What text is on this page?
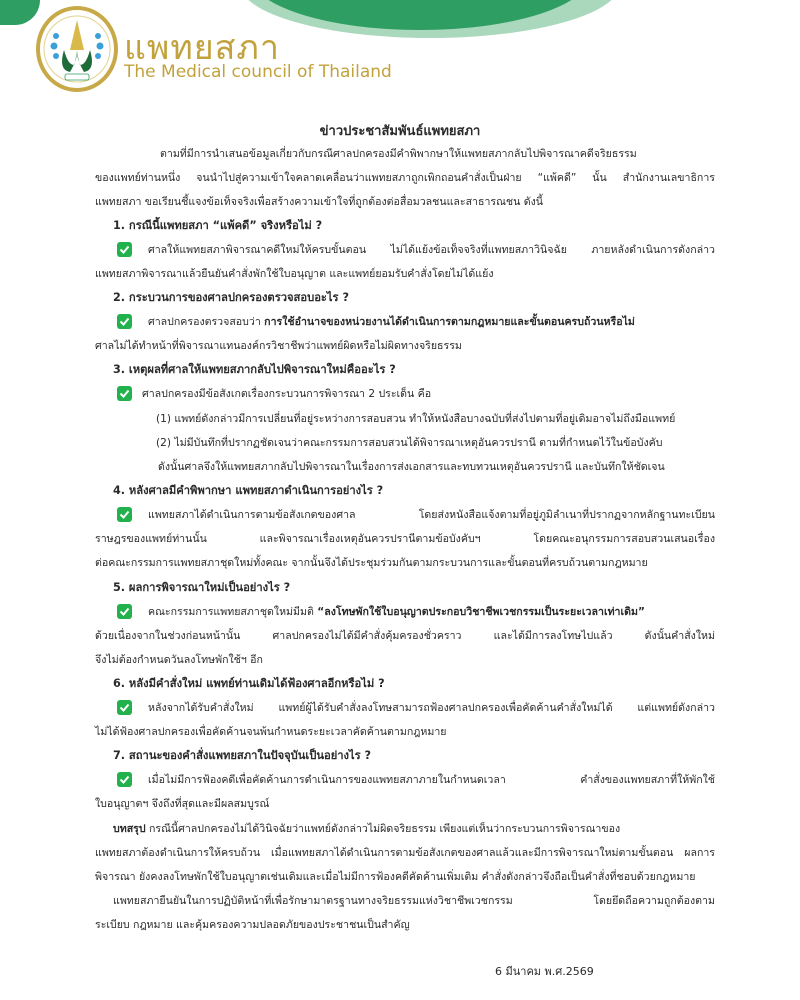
แพทยสภา
The Medical council of Thailand
ข่าวประชาสัมพันธ์แพทยสภา
ตามที่มีการนำเสนอข้อมูลเกี่ยวกับกรณีศาลปกครองมีคำพิพากษาให้แพทยสภากลับไปพิจารณาคดีจริยธรรม
ของแพทย์ท่านหนึ่ง จนนำไปสู่ความเข้าใจคลาดเคลื่อนว่าแพทยสภาถูกเพิกถอนคำสั่งเป็นฝ่าย “แพ้คดี” นั้น สำนักงานเลขาธิการ
แพทยสภา ขอเรียนชี้แจงข้อเท็จจริงเพื่อสร้างความเข้าใจที่ถูกต้องต่อสื่อมวลชนและสาธารณชน ดังนี้
1. กรณีนี้แพทยสภา “แพ้คดี” จริงหรือไม่ ?
ศาลให้แพทยสภาพิจารณาคดีใหม่ให้ครบขั้นตอน ไม่ได้แย้งข้อเท็จจริงที่แพทยสภาวินิจฉัย ภายหลังดำเนินการดังกล่าว
แพทยสภาพิจารณาแล้วยืนยันคำสั่งพักใช้ใบอนุญาต และแพทย์ยอมรับคำสั่งโดยไม่ได้แย้ง
2. กระบวนการของศาลปกครองตรวจสอบอะไร ?
ศาลปกครองตรวจสอบว่า การใช้อำนาจของหน่วยงานได้ดำเนินการตามกฎหมายและขั้นตอนครบถ้วนหรือไม่
ศาลไม่ได้ทำหน้าที่พิจารณาแทนองค์กรวิชาชีพว่าแพทย์ผิดหรือไม่ผิดทางจริยธรรม
3. เหตุผลที่ศาลให้แพทยสภากลับไปพิจารณาใหม่คืออะไร ?
ศาลปกครองมีข้อสังเกตเรื่องกระบวนการพิจารณา 2 ประเด็น คือ
(1) แพทย์ดังกล่าวมีการเปลี่ยนที่อยู่ระหว่างการสอบสวน ทำให้หนังสือบางฉบับที่ส่งไปตามที่อยู่เดิมอาจไม่ถึงมือแพทย์
(2) ไม่มีบันทึกที่ปรากฏชัดเจนว่าคณะกรรมการสอบสวนได้พิจารณาเหตุอันควรปรานี ตามที่กำหนดไว้ในข้อบังคับ
ดังนั้นศาลจึงให้แพทยสภากลับไปพิจารณาในเรื่องการส่งเอกสารและทบทวนเหตุอันควรปรานี และบันทึกให้ชัดเจน
4. หลังศาลมีคำพิพากษา แพทยสภาดำเนินการอย่างไร ?
แพทยสภาได้ดำเนินการตามข้อสังเกตของศาล โดยส่งหนังสือแจ้งตามที่อยู่ภูมิลำเนาที่ปรากฏจากหลักฐานทะเบียน
ราษฎรของแพทย์ท่านนั้น และพิจารณาเรื่องเหตุอันควรปรานีตามข้อบังคับฯ โดยคณะอนุกรรมการสอบสวนเสนอเรื่อง
ต่อคณะกรรมการแพทยสภาชุดใหม่ทั้งคณะ จากนั้นจึงได้ประชุมร่วมกันตามกระบวนการและขั้นตอนที่ครบถ้วนตามกฎหมาย
5. ผลการพิจารณาใหม่เป็นอย่างไร ?
คณะกรรมการแพทยสภาชุดใหม่มีมติ “ลงโทษพักใช้ใบอนุญาตประกอบวิชาชีพเวชกรรมเป็นระยะเวลาเท่าเดิม”
ด้วยเนื่องจากในช่วงก่อนหน้านั้น ศาลปกครองไม่ได้มีคำสั่งคุ้มครองชั่วคราว และได้มีการลงโทษไปแล้ว ดังนั้นคำสั่งใหม่
จึงไม่ต้องกำหนดวันลงโทษพักใช้ฯ อีก
6. หลังมีคำสั่งใหม่ แพทย์ท่านเดิมได้ฟ้องศาลอีกหรือไม่ ?
หลังจากได้รับคำสั่งใหม่ แพทย์ผู้ได้รับคำสั่งลงโทษสามารถฟ้องศาลปกครองเพื่อคัดค้านคำสั่งใหม่ได้ แต่แพทย์ดังกล่าว
ไม่ได้ฟ้องศาลปกครองเพื่อคัดค้านจนพ้นกำหนดระยะเวลาคัดค้านตามกฎหมาย
7. สถานะของคำสั่งแพทยสภาในปัจจุบันเป็นอย่างไร ?
เมื่อไม่มีการฟ้องคดีเพื่อคัดค้านการดำเนินการของแพทยสภาภายในกำหนดเวลา คำสั่งของแพทยสภาที่ให้พักใช้
ใบอนุญาตฯ จึงถึงที่สุดและมีผลสมบูรณ์
บทสรุป กรณีนี้ศาลปกครองไม่ได้วินิจฉัยว่าแพทย์ดังกล่าวไม่ผิดจริยธรรม เพียงแต่เห็นว่ากระบวนการพิจารณาของ
แพทยสภาต้องดำเนินการให้ครบถ้วน เมื่อแพทยสภาได้ดำเนินการตามข้อสังเกตของศาลแล้วและมีการพิจารณาใหม่ตามขั้นตอน ผลการ
พิจารณา ยังคงลงโทษพักใช้ใบอนุญาตเช่นเดิมและเมื่อไม่มีการฟ้องคดีคัดค้านเพิ่มเติม คำสั่งดังกล่าวจึงถือเป็นคำสั่งที่ชอบด้วยกฎหมาย
แพทยสภายืนยันในการปฏิบัติหน้าที่เพื่อรักษามาตรฐานทางจริยธรรมแห่งวิชาชีพเวชกรรม โดยยึดถือความถูกต้องตาม
ระเบียบ กฎหมาย และคุ้มครองความปลอดภัยของประชาชนเป็นสำคัญ
6 มีนาคม พ.ศ.2569
